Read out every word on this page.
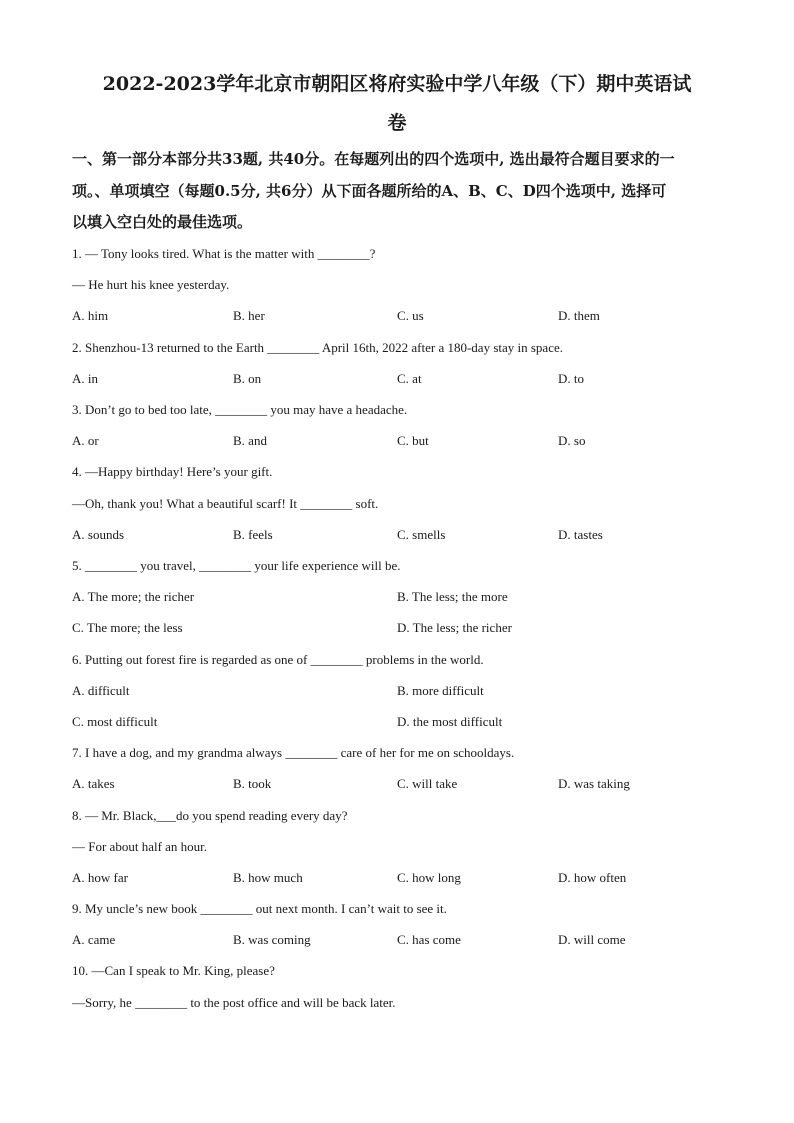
2022-2023学年北京市朝阳区将府实验中学八年级（下）期中英语试
卷
一、第一部分本部分共33题, 共40分。在每题列出的四个选项中, 选出最符合题目要求的一
项。、单项填空（每题0.5分, 共6分）从下面各题所给的A、B、C、D四个选项中, 选择可
以填入空白处的最佳选项。
1. — Tony looks tired. What is the matter with ________?
— He hurt his knee yesterday.
A. him	B. her	C. us	D. them
2. Shenzhou-13 returned to the Earth ________ April 16th, 2022 after a 180-day stay in space.
A. in	B. on	C. at	D. to
3. Don’t go to bed too late, ________ you may have a headache.
A. or	B. and	C. but	D. so
4. —Happy birthday! Here’s your gift.
—Oh, thank you! What a beautiful scarf! It ________ soft.
A. sounds	B. feels	C. smells	D. tastes
5. ________ you travel, ________ your life experience will be.
A. The more; the richer	B. The less; the more
C. The more; the less	D. The less; the richer
6. Putting out forest fire is regarded as one of ________ problems in the world.
A. difficult	B. more difficult
C. most difficult	D. the most difficult
7. I have a dog, and my grandma always ________ care of her for me on schooldays.
A. takes	B. took	C. will take	D. was taking
8. — Mr. Black,___do you spend reading every day?
— For about half an hour.
A. how far	B. how much	C. how long	D. how often
9. My uncle’s new book ________ out next month. I can’t wait to see it.
A. came	B. was coming	C. has come	D. will come
10. —Can I speak to Mr. King, please?
—Sorry, he ________ to the post office and will be back later.
